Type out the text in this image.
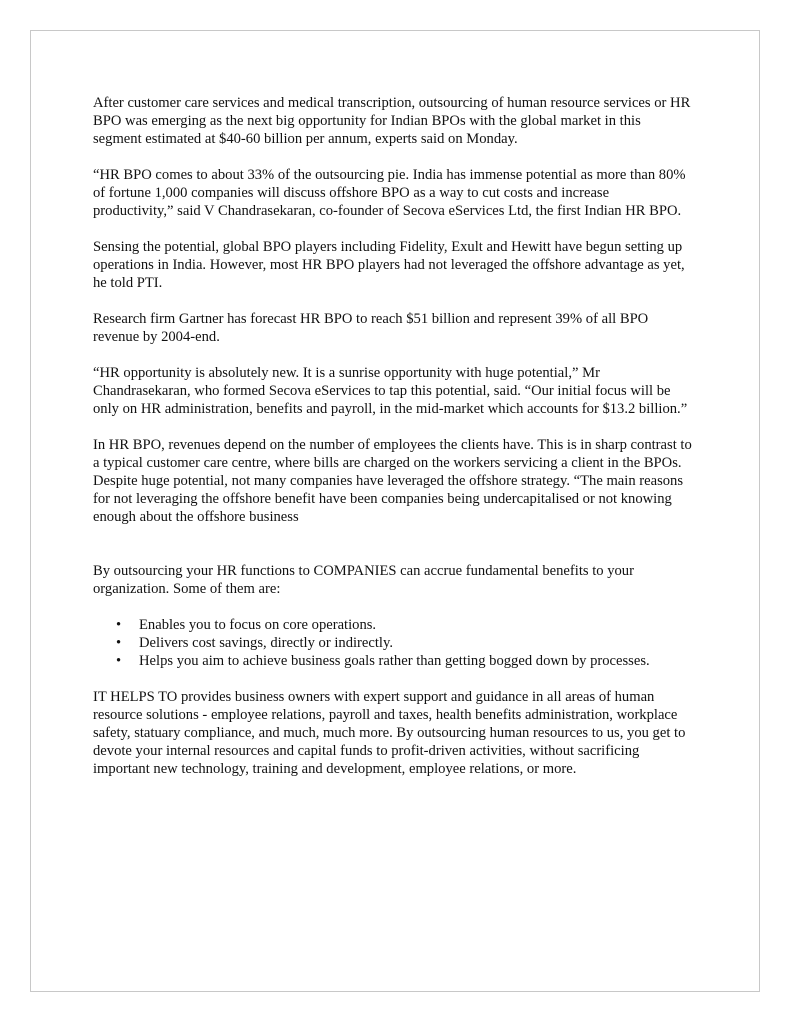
After customer care services and medical transcription, outsourcing of human resource services or HR BPO was emerging as the next big opportunity for Indian BPOs with the global market in this segment estimated at $40-60 billion per annum, experts said on Monday.

“HR BPO comes to about 33% of the outsourcing pie. India has immense potential as more than 80% of fortune 1,000 companies will discuss offshore BPO as a way to cut costs and increase productivity,” said V Chandrasekaran, co-founder of Secova eServices Ltd, the first Indian HR BPO.

Sensing the potential, global BPO players including Fidelity, Exult and Hewitt have begun setting up operations in India. However, most HR BPO players had not leveraged the offshore advantage as yet, he told PTI.

Research firm Gartner has forecast HR BPO to reach $51 billion and represent 39% of all BPO revenue by 2004-end.

“HR opportunity is absolutely new. It is a sunrise opportunity with huge potential,” Mr Chandrasekaran, who formed Secova eServices to tap this potential, said. “Our initial focus will be only on HR administration, benefits and payroll, in the mid-market which accounts for $13.2 billion.”

In HR BPO, revenues depend on the number of employees the clients have. This is in sharp contrast to a typical customer care centre, where bills are charged on the workers servicing a client in the BPOs. Despite huge potential, not many companies have leveraged the offshore strategy. “The main reasons for not leveraging the offshore benefit have been companies being undercapitalised or not knowing enough about the offshore business

By outsourcing your HR functions to COMPANIES can accrue fundamental benefits to your organization. Some of them are:

• Enables you to focus on core operations.
• Delivers cost savings, directly or indirectly.
• Helps you aim to achieve business goals rather than getting bogged down by processes.

IT HELPS TO provides business owners with expert support and guidance in all areas of human resource solutions - employee relations, payroll and taxes, health benefits administration, workplace safety, statuary compliance, and much, much more. By outsourcing human resources to us, you get to devote your internal resources and capital funds to profit-driven activities, without sacrificing important new technology, training and development, employee relations, or more.
